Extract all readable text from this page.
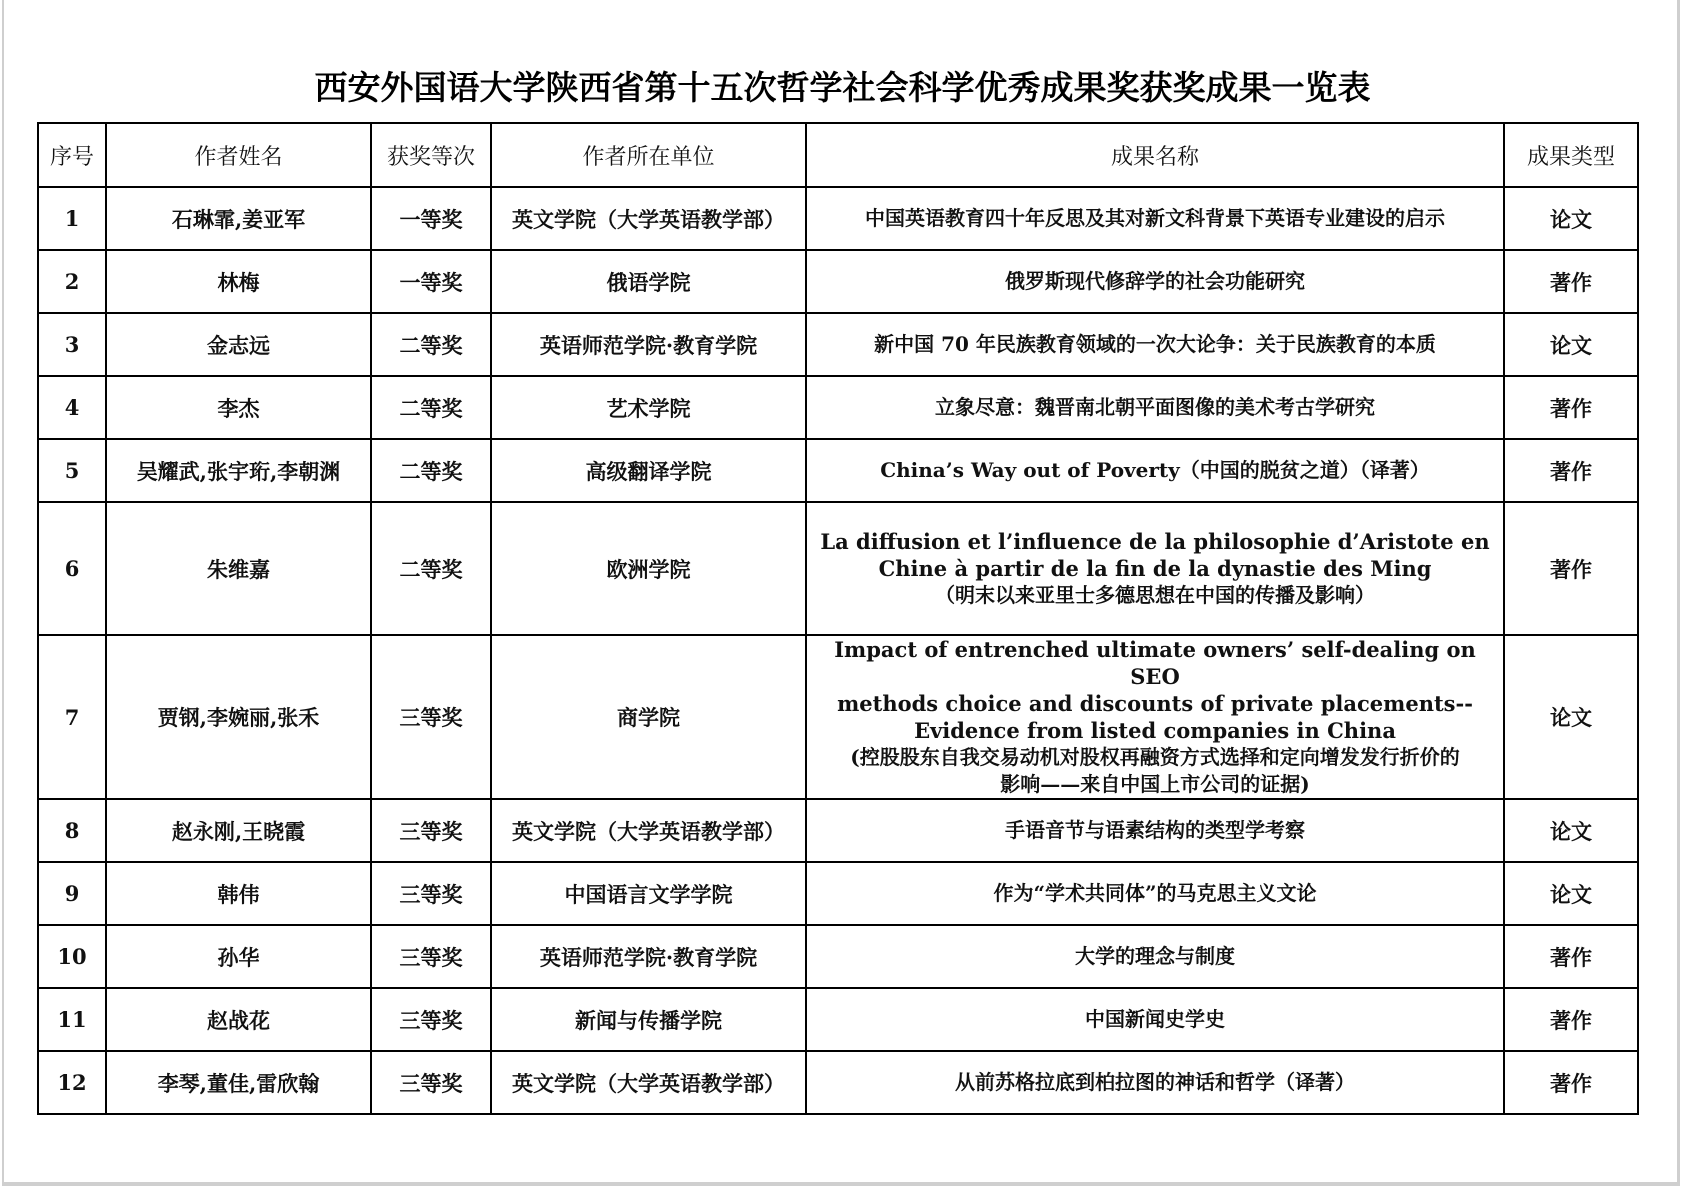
西安外国语大学陕西省第十五次哲学社会科学优秀成果奖获奖成果一览表
序号	作者姓名	获奖等次	作者所在单位	成果名称	成果类型
1	石琳霏,姜亚军	一等奖	英文学院（大学英语教学部）	中国英语教育四十年反思及其对新文科背景下英语专业建设的启示	论文
2	林梅	一等奖	俄语学院	俄罗斯现代修辞学的社会功能研究	著作
3	金志远	二等奖	英语师范学院·教育学院	新中国 70 年民族教育领域的一次大论争：关于民族教育的本质	论文
4	李杰	二等奖	艺术学院	立象尽意：魏晋南北朝平面图像的美术考古学研究	著作
5	吴耀武,张宇珩,李朝渊	二等奖	高级翻译学院	China’s Way out of Poverty（中国的脱贫之道）（译著）	著作
6	朱维嘉	二等奖	欧洲学院	La diffusion et l’influence de la philosophie d’Aristote en
Chine à partir de la fin de la dynastie des Ming
（明末以来亚里士多德思想在中国的传播及影响）	著作
7	贾钢,李婉丽,张禾	三等奖	商学院	Impact of entrenched ultimate owners’ self-dealing on SEO
methods choice and discounts of private placements--
Evidence from listed companies in China
(控股股东自我交易动机对股权再融资方式选择和定向增发发行折价的
影响——来自中国上市公司的证据)	论文
8	赵永刚,王晓霞	三等奖	英文学院（大学英语教学部）	手语音节与语素结构的类型学考察	论文
9	韩伟	三等奖	中国语言文学学院	作为“学术共同体”的马克思主义文论	论文
10	孙华	三等奖	英语师范学院·教育学院	大学的理念与制度	著作
11	赵战花	三等奖	新闻与传播学院	中国新闻史学史	著作
12	李琴,董佳,雷欣翰	三等奖	英文学院（大学英语教学部）	从前苏格拉底到柏拉图的神话和哲学（译著）	著作
